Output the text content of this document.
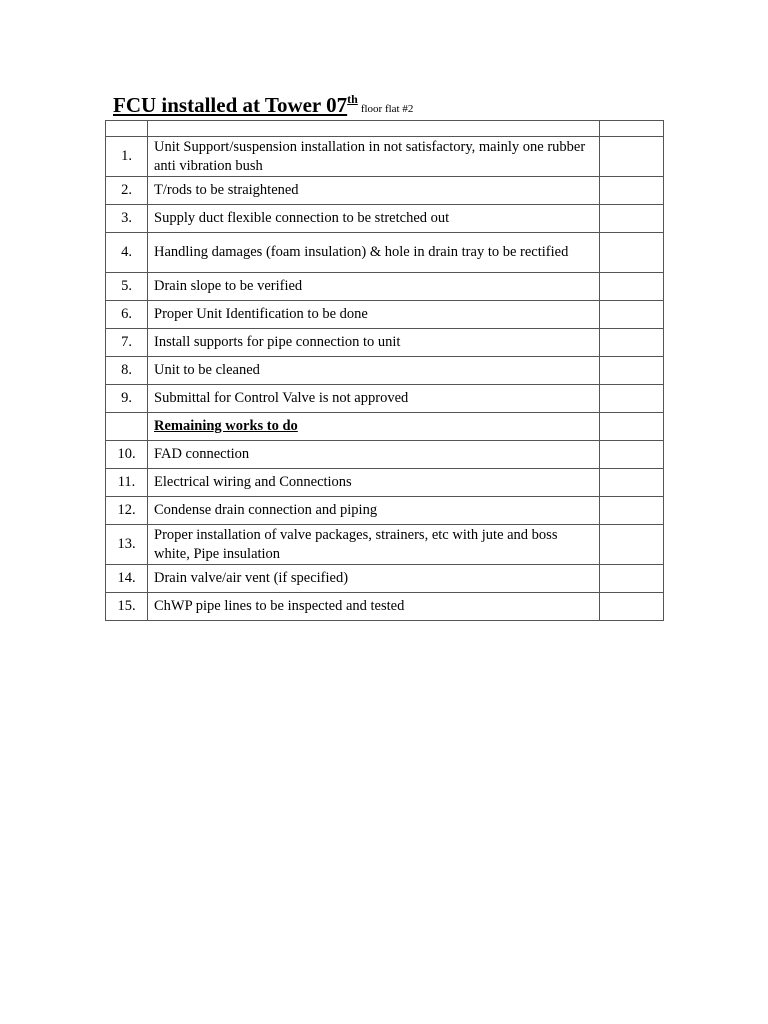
FCU installed at Tower 07thfloor flat #2

1.	Unit Support/suspension installation in not satisfactory, mainly one rubber anti vibration bush	
2.	T/rods to be straightened	
3.	Supply duct flexible connection to be stretched out	
4.	Handling damages (foam insulation) & hole in drain tray to be rectified	
5.	Drain slope to be verified	
6.	Proper Unit Identification to be done	
7.	Install supports for pipe connection to unit	
8.	Unit to be cleaned	
9.	Submittal for Control Valve is not approved	
	Remaining works to do	
10.	FAD connection	
11.	Electrical wiring and Connections	
12.	Condense drain connection and piping	
13.	Proper installation of valve packages, strainers, etc with jute and boss white, Pipe insulation	
14.	Drain valve/air vent (if specified)	
15.	ChWP pipe lines to be inspected and tested	
